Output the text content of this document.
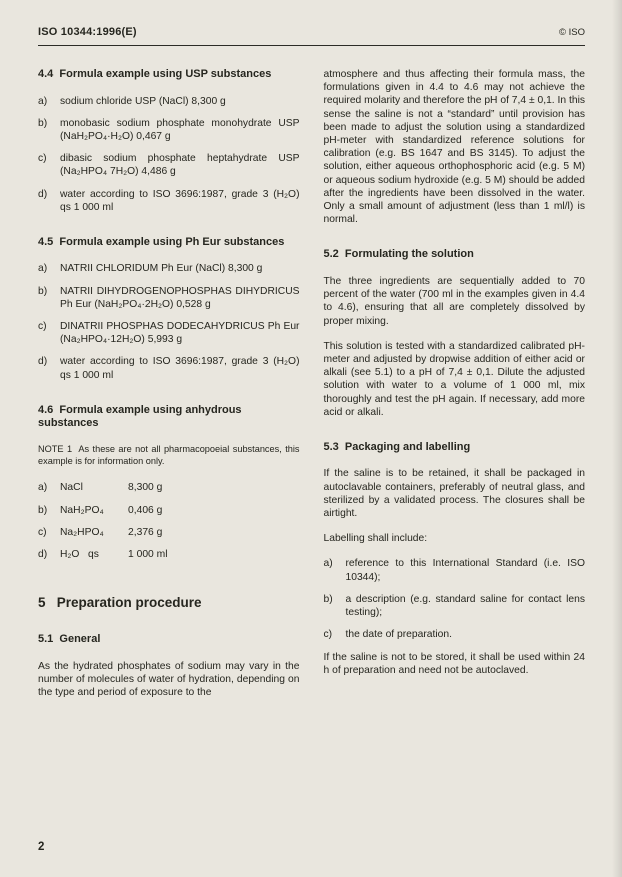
ISO 10344:1996(E)	© ISO
4.4  Formula example using USP substances
a)	sodium chloride USP (NaCl) 8,300 g
b)	monobasic sodium phosphate monohydrate USP (NaH₂PO₄·H₂O) 0,467 g
c)	dibasic sodium phosphate heptahydrate USP (Na₂HPO₄ 7H₂O) 4,486 g
d)	water according to ISO 3696:1987, grade 3 (H₂O) qs 1 000 ml
4.5  Formula example using Ph Eur substances
a)	NATRII CHLORIDUM Ph Eur (NaCl) 8,300 g
b)	NATRII DIHYDROGENOPHOSPHAS DIHYDRICUS Ph Eur (NaH₂PO₄·2H₂O) 0,528 g
c)	DINATRII PHOSPHAS DODECAHYDRICUS Ph Eur (Na₂HPO₄·12H₂O) 5,993 g
d)	water according to ISO 3696:1987, grade 3 (H₂O) qs 1 000 ml
4.6  Formula example using anhydrous substances

NOTE 1  As these are not all pharmacopoeial substances, this example is for information only.

a)	NaCl	8,300 g
b)	NaH₂PO₄	0,406 g
c)	Na₂HPO₄	2,376 g
d)	H₂O   qs	1 000 ml
5   Preparation procedure
5.1  General

As the hydrated phosphates of sodium may vary in the number of molecules of water of hydration, depending on the type and period of exposure to the

atmosphere and thus affecting their formula mass, the formulations given in 4.4 to 4.6 may not achieve the required molarity and therefore the pH of 7,4 ± 0,1. In this sense the saline is not a “standard” until provision has been made to adjust the solution using a standardized pH-meter with standardized reference solutions for calibration (e.g. BS 1647 and BS 3145). To adjust the solution, either aqueous orthophosphoric acid (e.g. 5 M) or aqueous sodium hydroxide (e.g. 5 M) should be added after the ingredients have been dissolved in the water. Only a small amount of adjustment (less than 1 ml/l) is normal.

5.2  Formulating the solution

The three ingredients are sequentially added to 70 percent of the water (700 ml in the examples given in 4.4 to 4.6), ensuring that all are completely dissolved by proper mixing.

This solution is tested with a standardized calibrated pH-meter and adjusted by dropwise addition of either acid or alkali (see 5.1) to a pH of 7,4 ± 0,1. Dilute the adjusted solution with water to a volume of 1 000 ml, mix thoroughly and test the pH again. If necessary, add more acid or alkali.

5.3  Packaging and labelling

If the saline is to be retained, it shall be packaged in autoclavable containers, preferably of neutral glass, and sterilized by a validated process. The closures shall be airtight.

Labelling shall include:

a)	reference to this International Standard (i.e. ISO 10344);
b)	a description (e.g. standard saline for contact lens testing);
c)	the date of preparation.

If the saline is not to be stored, it shall be used within 24 h of preparation and need not be autoclaved.

2
